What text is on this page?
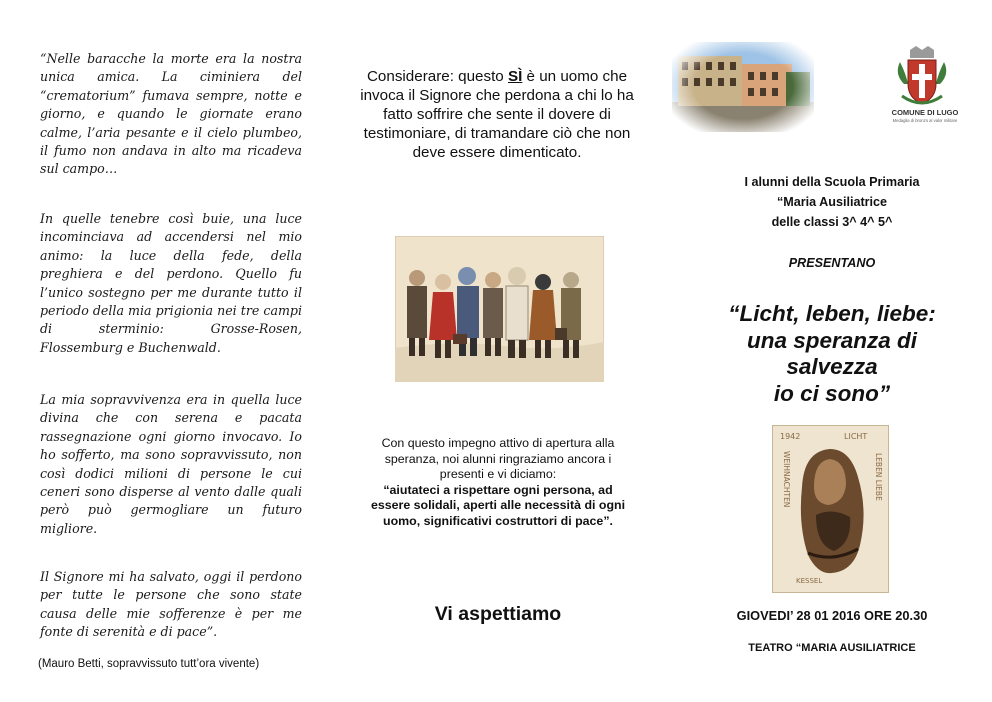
“Nelle baracche la morte era la nostra unica amica. La ciminiera del “crematorium” fumava sempre, notte e giorno, e quando le giornate erano calme, l’aria pesante e il cielo plumbeo, il fumo non andava in alto ma ricadeva sul campo…

In quelle tenebre così buie, una luce incominciava ad accendersi nel mio animo: la luce della fede, della preghiera e del perdono. Quello fu l’unico sostegno per me durante tutto il periodo della mia prigionia nei tre campi di sterminio: Grosse-Rosen, Flossemburg e Buchenwald.

La mia sopravvivenza era in quella luce divina che con serena e pacata rassegnazione ogni giorno invocavo. Io ho sofferto, ma sono sopravvissuto, non così dodici milioni di persone le cui ceneri sono disperse al vento dalle quali però può germogliare un futuro migliore.

Il Signore mi ha salvato, oggi il perdono per tutte le persone che sono state causa delle mie sofferenze è per me fonte di serenità e di pace”.

(Mauro Betti, sopravvissuto tutt’ora vivente)

Considerare: questo SÌ è un uomo che invoca il Signore che perdona a chi lo ha fatto soffrire che sente il dovere di testimoniare, di tramandare ciò che non deve essere dimenticato.

Con questo impegno attivo di apertura alla speranza, noi alunni ringraziamo ancora i presenti e vi diciamo:
“aiutateci a rispettare ogni persona, ad essere solidali, aperti alle necessità di ogni uomo, significativi costruttori di pace”.

Vi aspettiamo

COMUNE DI LUGO

Medaglia di bronzo al valor militare

I alunni della Scuola Primaria
“Maria Ausiliatrice
delle classi 3^ 4^ 5^

PRESENTANO

“Licht, leben, liebe:
una speranza di
salvezza
io ci sono”

1942	LICHT
WEIHNACHTEN	LEBEN LIEBE
KESSEL

GIOVEDI’ 28 01 2016 ORE 20.30

TEATRO “MARIA AUSILIATRICE
